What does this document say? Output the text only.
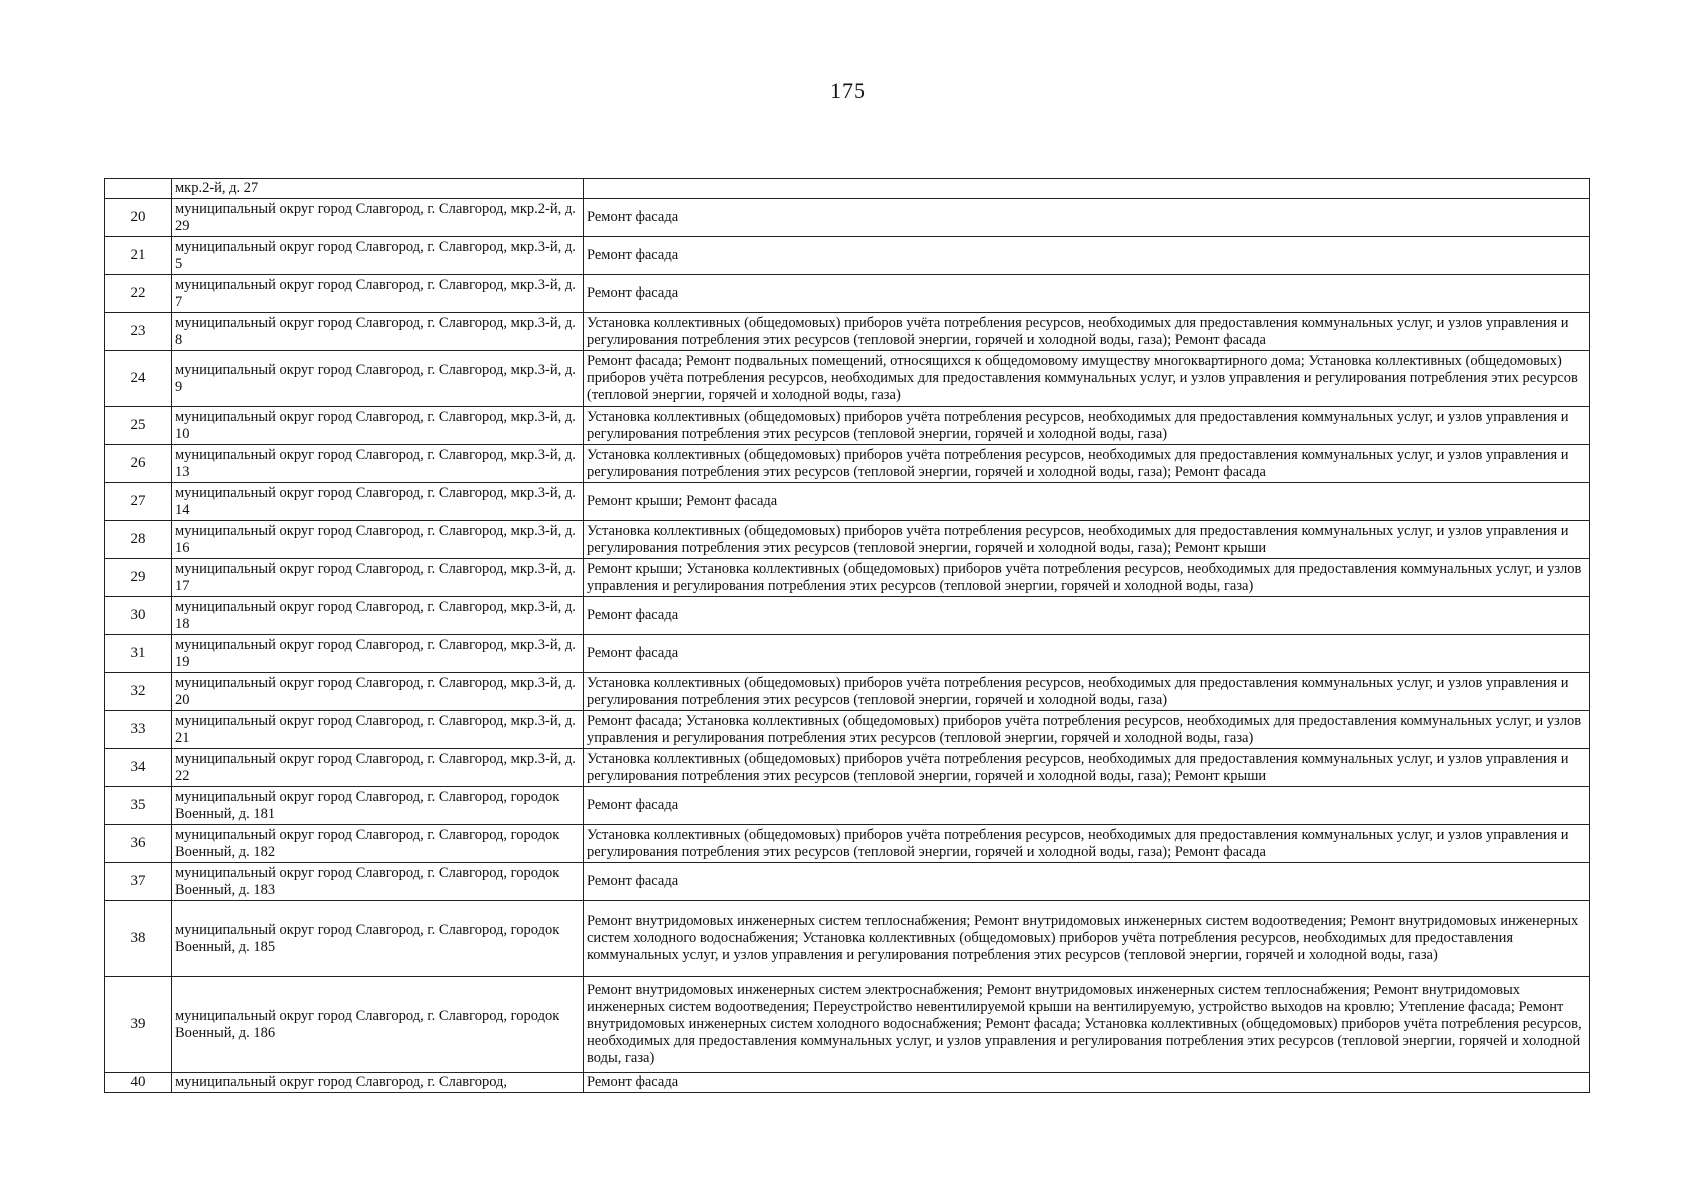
175
	мкр.2-й, д. 27	
20	муниципальный округ город Славгород, г. Славгород, мкр.2-й, д. 29	Ремонт фасада
21	муниципальный округ город Славгород, г. Славгород, мкр.3-й, д. 5	Ремонт фасада
22	муниципальный округ город Славгород, г. Славгород, мкр.3-й, д. 7	Ремонт фасада
23	муниципальный округ город Славгород, г. Славгород, мкр.3-й, д. 8	Установка коллективных (общедомовых) приборов учёта потребления ресурсов, необходимых для предоставления коммунальных услуг, и узлов управления и регулирования потребления этих ресурсов (тепловой энергии, горячей и холодной воды, газа); Ремонт фасада
24	муниципальный округ город Славгород, г. Славгород, мкр.3-й, д. 9	Ремонт фасада; Ремонт подвальных помещений, относящихся к общедомовому имуществу многоквартирного дома; Установка коллективных (общедомовых) приборов учёта потребления ресурсов, необходимых для предоставления коммунальных услуг, и узлов управления и регулирования потребления этих ресурсов (тепловой энергии, горячей и холодной воды, газа)
25	муниципальный округ город Славгород, г. Славгород, мкр.3-й, д. 10	Установка коллективных (общедомовых) приборов учёта потребления ресурсов, необходимых для предоставления коммунальных услуг, и узлов управления и регулирования потребления этих ресурсов (тепловой энергии, горячей и холодной воды, газа)
26	муниципальный округ город Славгород, г. Славгород, мкр.3-й, д. 13	Установка коллективных (общедомовых) приборов учёта потребления ресурсов, необходимых для предоставления коммунальных услуг, и узлов управления и регулирования потребления этих ресурсов (тепловой энергии, горячей и холодной воды, газа); Ремонт фасада
27	муниципальный округ город Славгород, г. Славгород, мкр.3-й, д. 14	Ремонт крыши; Ремонт фасада
28	муниципальный округ город Славгород, г. Славгород, мкр.3-й, д. 16	Установка коллективных (общедомовых) приборов учёта потребления ресурсов, необходимых для предоставления коммунальных услуг, и узлов управления и регулирования потребления этих ресурсов (тепловой энергии, горячей и холодной воды, газа); Ремонт крыши
29	муниципальный округ город Славгород, г. Славгород, мкр.3-й, д. 17	Ремонт крыши; Установка коллективных (общедомовых) приборов учёта потребления ресурсов, необходимых для предоставления коммунальных услуг, и узлов управления и регулирования потребления этих ресурсов (тепловой энергии, горячей и холодной воды, газа)
30	муниципальный округ город Славгород, г. Славгород, мкр.3-й, д. 18	Ремонт фасада
31	муниципальный округ город Славгород, г. Славгород, мкр.3-й, д. 19	Ремонт фасада
32	муниципальный округ город Славгород, г. Славгород, мкр.3-й, д. 20	Установка коллективных (общедомовых) приборов учёта потребления ресурсов, необходимых для предоставления коммунальных услуг, и узлов управления и регулирования потребления этих ресурсов (тепловой энергии, горячей и холодной воды, газа)
33	муниципальный округ город Славгород, г. Славгород, мкр.3-й, д. 21	Ремонт фасада; Установка коллективных (общедомовых) приборов учёта потребления ресурсов, необходимых для предоставления коммунальных услуг, и узлов управления и регулирования потребления этих ресурсов (тепловой энергии, горячей и холодной воды, газа)
34	муниципальный округ город Славгород, г. Славгород, мкр.3-й, д. 22	Установка коллективных (общедомовых) приборов учёта потребления ресурсов, необходимых для предоставления коммунальных услуг, и узлов управления и регулирования потребления этих ресурсов (тепловой энергии, горячей и холодной воды, газа); Ремонт крыши
35	муниципальный округ город Славгород, г. Славгород, городок Военный, д. 181	Ремонт фасада
36	муниципальный округ город Славгород, г. Славгород, городок Военный, д. 182	Установка коллективных (общедомовых) приборов учёта потребления ресурсов, необходимых для предоставления коммунальных услуг, и узлов управления и регулирования потребления этих ресурсов (тепловой энергии, горячей и холодной воды, газа); Ремонт фасада
37	муниципальный округ город Славгород, г. Славгород, городок Военный, д. 183	Ремонт фасада
38	муниципальный округ город Славгород, г. Славгород, городок Военный, д. 185	Ремонт внутридомовых инженерных систем теплоснабжения; Ремонт внутридомовых инженерных систем водоотведения; Ремонт внутридомовых инженерных систем холодного водоснабжения; Установка коллективных (общедомовых) приборов учёта потребления ресурсов, необходимых для предоставления коммунальных услуг, и узлов управления и регулирования потребления этих ресурсов (тепловой энергии, горячей и холодной воды, газа)
39	муниципальный округ город Славгород, г. Славгород, городок Военный, д. 186	Ремонт внутридомовых инженерных систем электроснабжения; Ремонт внутридомовых инженерных систем теплоснабжения; Ремонт внутридомовых инженерных систем водоотведения; Переустройство невентилируемой крыши на вентилируемую, устройство выходов на кровлю; Утепление фасада; Ремонт внутридомовых инженерных систем холодного водоснабжения; Ремонт фасада; Установка коллективных (общедомовых) приборов учёта потребления ресурсов, необходимых для предоставления коммунальных услуг, и узлов управления и регулирования потребления этих ресурсов (тепловой энергии, горячей и холодной воды, газа)
40	муниципальный округ город Славгород, г. Славгород,	Ремонт фасада
